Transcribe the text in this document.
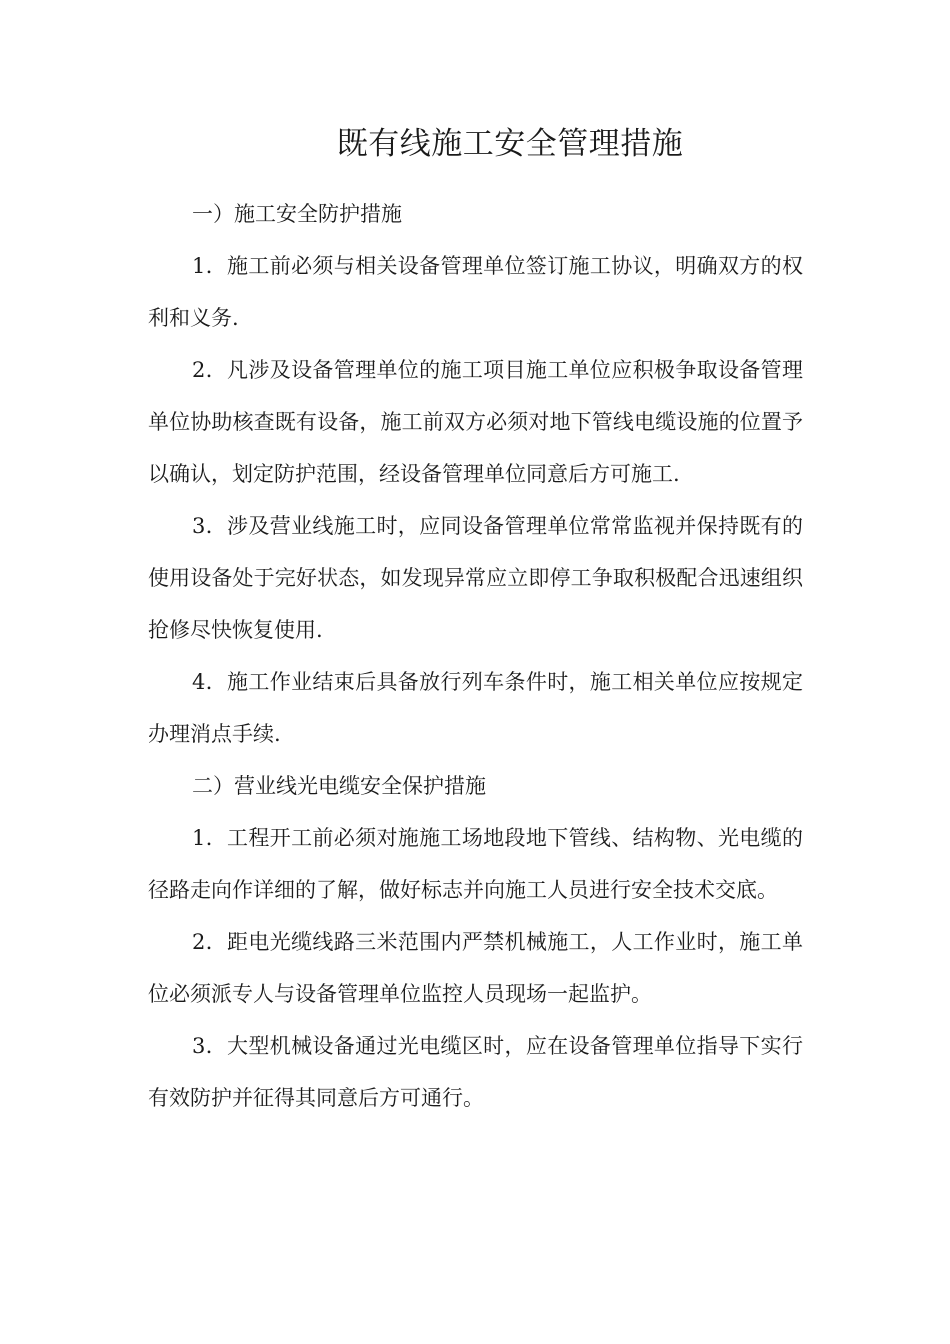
既有线施工安全管理措施

一）施工安全防护措施

1．施工前必须与相关设备管理单位签订施工协议，明确双方的权利和义务.

2．凡涉及设备管理单位的施工项目施工单位应积极争取设备管理单位协助核查既有设备，施工前双方必须对地下管线电缆设施的位置予以确认，划定防护范围，经设备管理单位同意后方可施工.

3．涉及营业线施工时，应同设备管理单位常常监视并保持既有的使用设备处于完好状态，如发现异常应立即停工争取积极配合迅速组织抢修尽快恢复使用.

4．施工作业结束后具备放行列车条件时，施工相关单位应按规定办理消点手续.

二）营业线光电缆安全保护措施

1．工程开工前必须对施施工场地段地下管线、结构物、光电缆的径路走向作详细的了解，做好标志并向施工人员进行安全技术交底。

2．距电光缆线路三米范围内严禁机械施工，人工作业时，施工单位必须派专人与设备管理单位监控人员现场一起监护。

3．大型机械设备通过光电缆区时，应在设备管理单位指导下实行有效防护并征得其同意后方可通行。
